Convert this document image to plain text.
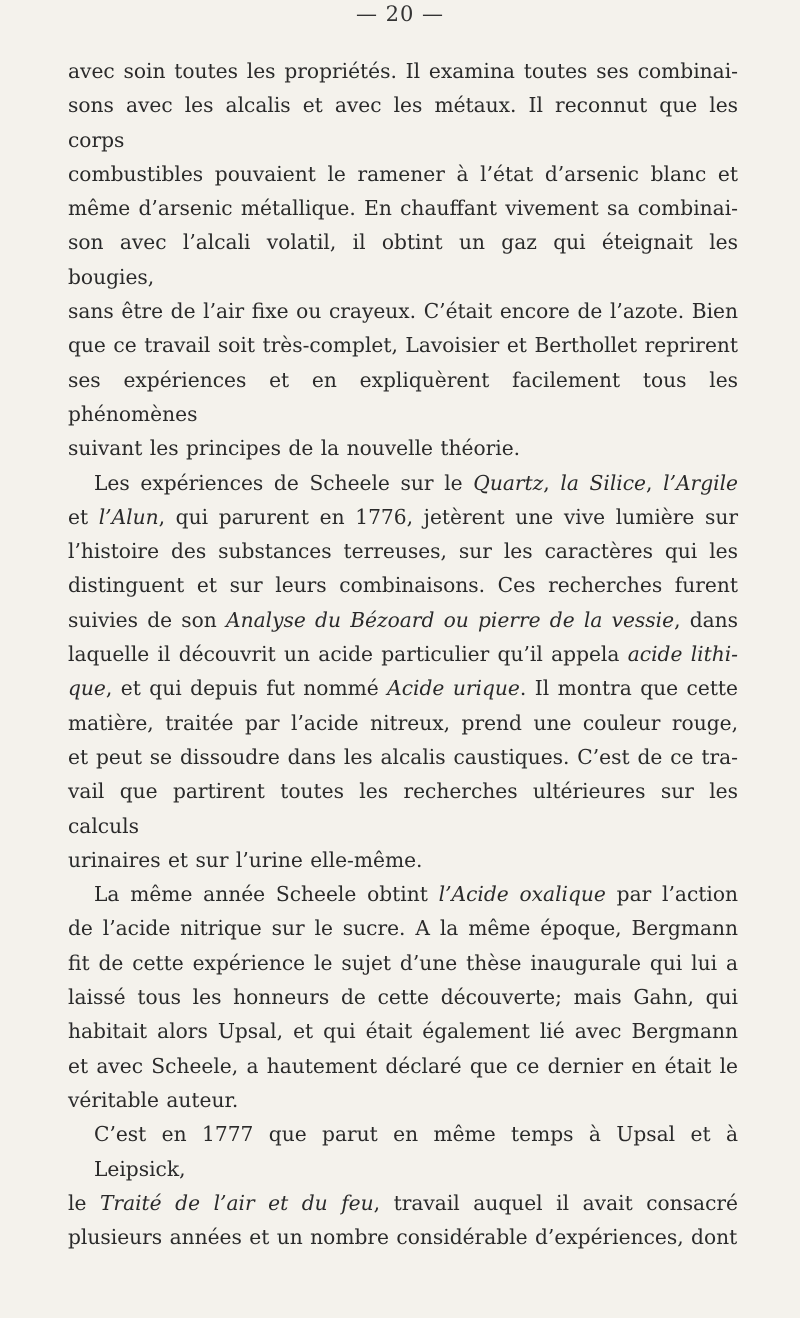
— 20 —

avec soin toutes les propriétés. Il examina toutes ses combinai-
sons avec les alcalis et avec les métaux. Il reconnut que les corps
combustibles pouvaient le ramener à l’état d’arsenic blanc et
même d’arsenic métallique. En chauffant vivement sa combinai-
son avec l’alcali volatil, il obtint un gaz qui éteignait les bougies,
sans être de l’air fixe ou crayeux. C’était encore de l’azote. Bien
que ce travail soit très-complet, Lavoisier et Berthollet reprirent
ses expériences et en expliquèrent facilement tous les phénomènes
suivant les principes de la nouvelle théorie.

Les expériences de Scheele sur le Quartz, la Silice, l’Argile
et l’Alun, qui parurent en 1776, jetèrent une vive lumière sur
l’histoire des substances terreuses, sur les caractères qui les
distinguent et sur leurs combinaisons. Ces recherches furent
suivies de son Analyse du Bézoard ou pierre de la vessie, dans
laquelle il découvrit un acide particulier qu’il appela acide lithi-
que, et qui depuis fut nommé Acide urique. Il montra que cette
matière, traitée par l’acide nitreux, prend une couleur rouge,
et peut se dissoudre dans les alcalis caustiques. C’est de ce tra-
vail que partirent toutes les recherches ultérieures sur les calculs
urinaires et sur l’urine elle-même.

La même année Scheele obtint l’Acide oxalique par l’action
de l’acide nitrique sur le sucre. A la même époque, Bergmann
fit de cette expérience le sujet d’une thèse inaugurale qui lui a
laissé tous les honneurs de cette découverte; mais Gahn, qui
habitait alors Upsal, et qui était également lié avec Bergmann
et avec Scheele, a hautement déclaré que ce dernier en était le
véritable auteur.

C’est en 1777 que parut en même temps à Upsal et à Leipsick,
le Traité de l’air et du feu, travail auquel il avait consacré
plusieurs années et un nombre considérable d’expériences, dont
